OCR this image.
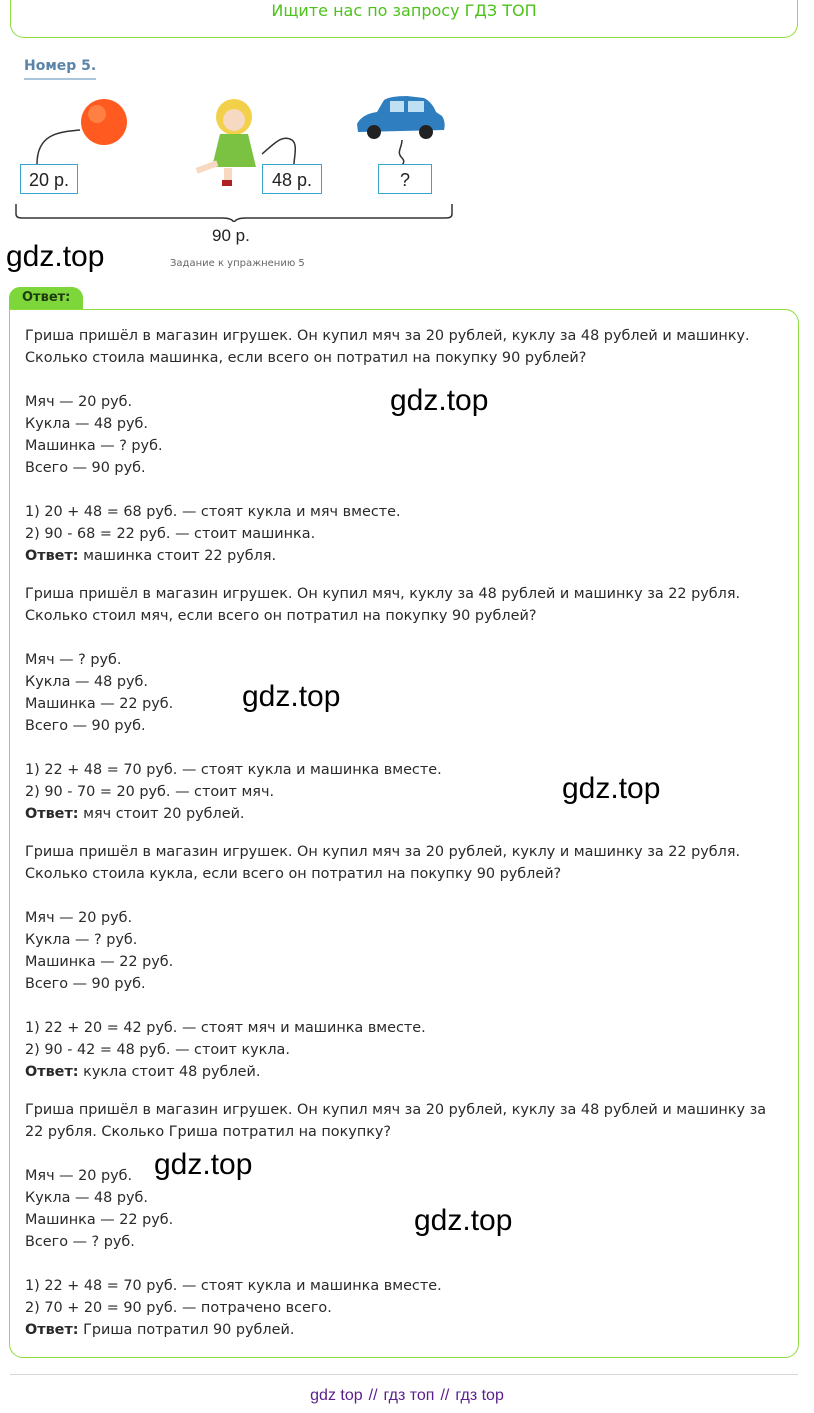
Ищите нас по запросу ГДЗ ТОП
Номер 5.
20 р.	48 р.	?
90 р.
Задание к упражнению 5
Ответ:

Гриша пришёл в магазин игрушек. Он купил мяч за 20 рублей, куклу за 48 рублей и машинку. Сколько стоила машинка, если всего он потратил на покупку 90 рублей?

Мяч — 20 руб.

Кукла — 48 руб.

Машинка — ? руб.

Всего — 90 руб.

1) 20 + 48 = 68 руб. — стоят кукла и мяч вместе.

2) 90 - 68 = 22 руб. — стоит машинка.

Ответ: машинка стоит 22 рубля.

Гриша пришёл в магазин игрушек. Он купил мяч, куклу за 48 рублей и машинку за 22 рубля. Сколько стоил мяч, если всего он потратил на покупку 90 рублей?

Мяч — ? руб.

Кукла — 48 руб.

Машинка — 22 руб.

Всего — 90 руб.

1) 22 + 48 = 70 руб. — стоят кукла и машинка вместе.

2) 90 - 70 = 20 руб. — стоит мяч.

Ответ: мяч стоит 20 рублей.

Гриша пришёл в магазин игрушек. Он купил мяч за 20 рублей, куклу и машинку за 22 рубля. Сколько стоила кукла, если всего он потратил на покупку 90 рублей?

Мяч — 20 руб.

Кукла — ? руб.

Машинка — 22 руб.

Всего — 90 руб.

1) 22 + 20 = 42 руб. — стоят мяч и машинка вместе.

2) 90 - 42 = 48 руб. — стоит кукла.

Ответ: кукла стоит 48 рублей.

Гриша пришёл в магазин игрушек. Он купил мяч за 20 рублей, куклу за 48 рублей и машинку за 22 рубля. Сколько Гриша потратил на покупку?

Мяч — 20 руб.

Кукла — 48 руб.

Машинка — 22 руб.

Всего — ? руб.

1) 22 + 48 = 70 руб. — стоят кукла и машинка вместе.

2) 70 + 20 = 90 руб. — потрачено всего.

Ответ: Гриша потратил 90 рублей.

gdz.top
gdz.top
gdz.top
gdz.top
gdz.top
gdz.top
gdz top // гдз топ // гдз top
